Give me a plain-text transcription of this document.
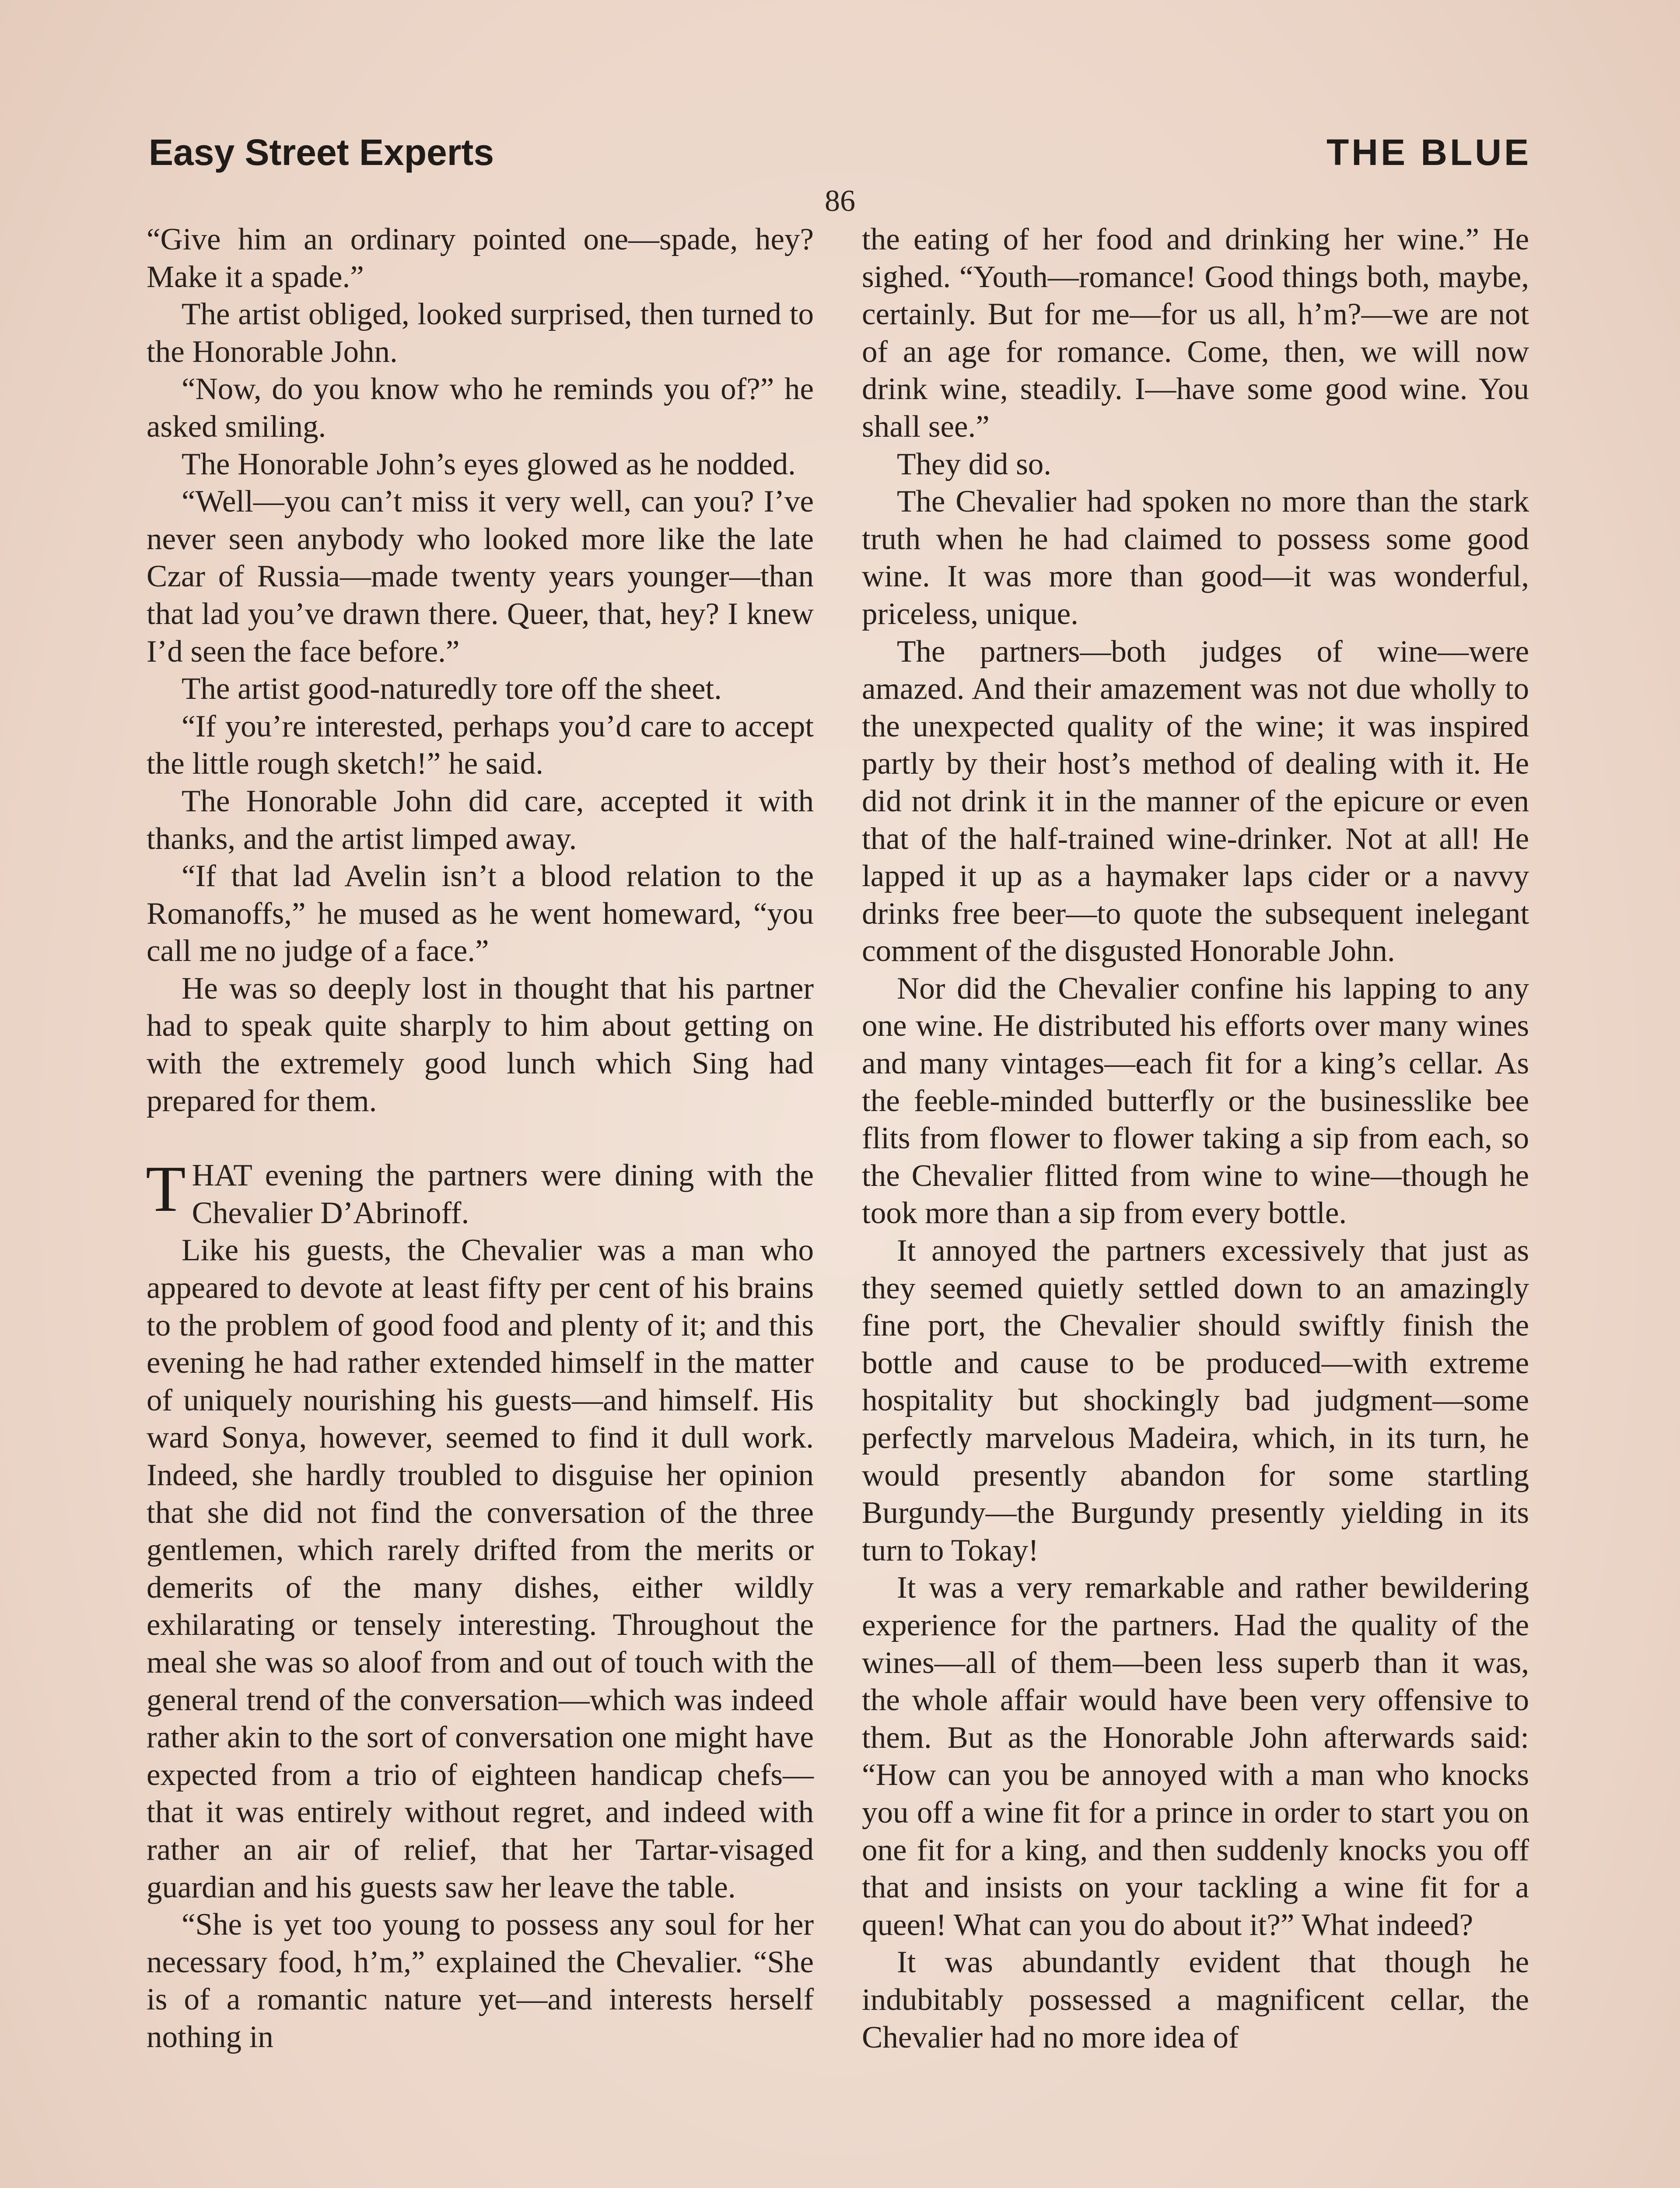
Easy Street Experts	THE BLUE
86

“Give him an ordinary pointed one—spade, hey? Make it a spade.”

The artist obliged, looked surprised, then turned to the Honorable John.

“Now, do you know who he reminds you of?” he asked smiling.

The Honorable John’s eyes glowed as he nodded.

“Well—you can’t miss it very well, can you? I’ve never seen anybody who looked more like the late Czar of Russia—made twenty years younger—than that lad you’ve drawn there. Queer, that, hey? I knew I’d seen the face before.”

The artist good-naturedly tore off the sheet.

“If you’re interested, perhaps you’d care to accept the little rough sketch!” he said.

The Honorable John did care, accepted it with thanks, and the artist limped away.

“If that lad Avelin isn’t a blood relation to the Romanoffs,” he mused as he went homeward, “you call me no judge of a face.”

He was so deeply lost in thought that his partner had to speak quite sharply to him about getting on with the extremely good lunch which Sing had prepared for them.

THAT evening the partners were dining with the Chevalier D’Abrinoff.

Like his guests, the Chevalier was a man who appeared to devote at least fifty per cent of his brains to the problem of good food and plenty of it; and this evening he had rather extended himself in the matter of uniquely nourishing his guests—and himself. His ward Sonya, however, seemed to find it dull work. Indeed, she hardly troubled to disguise her opinion that she did not find the conversation of the three gentlemen, which rarely drifted from the merits or demerits of the many dishes, either wildly exhilarating or tensely interesting. Throughout the meal she was so aloof from and out of touch with the general trend of the conversation—which was indeed rather akin to the sort of conversation one might have expected from a trio of eighteen handicap chefs—that it was entirely without regret, and indeed with rather an air of relief, that her Tartar-visaged guardian and his guests saw her leave the table.

“She is yet too young to possess any soul for her necessary food, h’m,” explained the Chevalier. “She is of a romantic nature yet—and interests herself nothing in

the eating of her food and drinking her wine.” He sighed. “Youth—romance! Good things both, maybe, certainly. But for me—for us all, h’m?—we are not of an age for romance. Come, then, we will now drink wine, steadily. I—have some good wine. You shall see.”

They did so.

The Chevalier had spoken no more than the stark truth when he had claimed to possess some good wine. It was more than good—it was wonderful, priceless, unique.

The partners—both judges of wine—were amazed. And their amazement was not due wholly to the unexpected quality of the wine; it was inspired partly by their host’s method of dealing with it. He did not drink it in the manner of the epicure or even that of the half-trained wine-drinker. Not at all! He lapped it up as a haymaker laps cider or a navvy drinks free beer—to quote the subsequent inelegant comment of the disgusted Honorable John.

Nor did the Chevalier confine his lapping to any one wine. He distributed his efforts over many wines and many vintages—each fit for a king’s cellar. As the feeble-minded butterfly or the businesslike bee flits from flower to flower taking a sip from each, so the Chevalier flitted from wine to wine—though he took more than a sip from every bottle.

It annoyed the partners excessively that just as they seemed quietly settled down to an amazingly fine port, the Chevalier should swiftly finish the bottle and cause to be produced—with extreme hospitality but shockingly bad judgment—some perfectly marvelous Madeira, which, in its turn, he would presently abandon for some startling Burgundy—the Burgundy presently yielding in its turn to Tokay!

It was a very remarkable and rather bewildering experience for the partners. Had the quality of the wines—all of them—been less superb than it was, the whole affair would have been very offensive to them. But as the Honorable John afterwards said: “How can you be annoyed with a man who knocks you off a wine fit for a prince in order to start you on one fit for a king, and then suddenly knocks you off that and insists on your tackling a wine fit for a queen! What can you do about it?” What indeed?

It was abundantly evident that though he indubitably possessed a magnificent cellar, the Chevalier had no more idea of
